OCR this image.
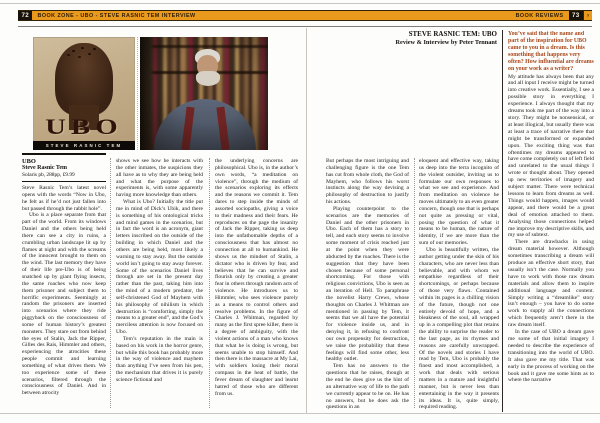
72	BOOK ZONE - UBO - STEVE RASNIC TEM INTERVIEW	BOOK REVIEWS	73	›
UBO
STEVE RASNIC TEM
UBO
Steve Rasnic Tem
Solaris pb, 288pp, £9.99

Steve Rasnic Tem’s latest novel opens with the words “Now in Ubo, he felt as if he’d not just fallen into but passed through the rabbit hole”.

Ubo is a place separate from that part of the world. From its windows Daniel and the others being held there can see a city in ruins, a crumbling urban landscape lit up by flames at night and with the screams of the innocent brought to them on the wind. The last memory they have of their life pre-Ubo is of being snatched up by giant flying insects, the same roaches who now keep them prisoner and subject them to horrific experiments. Seemingly at random the prisoners are inserted into scenarios where they ride piggyback on the consciousness of some of human history’s greatest monsters. They stare out from behind the eyes of Stalin, Jack the Ripper, Gilles des Rais, Himmler and others, experiencing the atrocities these people commit and learning something of what drives them. We too experience some of these scenarios, filtered through the consciousness of Daniel. And in between atrocity

shows we see how he interacts with the other inmates, the suspicions they all have as to why they are being held and what the purpose of the experiments is, with some apparently having more knowledge than others.

What is Ubo? Initially the title put me in mind of Dick’s Ubik, and there is something of his ontological tricks and mind games in the scenarios, but in fact the word is an acronym, giant letters inscribed on the outside of the building in which Daniel and the others are being held, most likely a warning to stay away. But the outside world isn’t going to stay away forever. Some of the scenarios Daniel lives through are set in the present day rather than the past, taking him into the mind of a modern predator, the self-christened God of Mayhem with his philosophy of nihilism in which destruction is “comforting, simply the means to a greater end”, and the God’s merciless attention is now focused on Ubo.

Tem’s reputation in the main is based on his work in the horror genre, but while this book has probably more in the way of violence and mayhem than anything I’ve seen from his pen, the mechanism that drives it is purely science fictional and

the underlying concerns are philosophical. Ubo is, in the author’s own words, “a meditation on violence”, through the medium of the scenarios exploring its effects and the reasons we commit it. Tem dares to step inside the minds of assorted sociopaths, giving a voice to their madness and their fears. He reproduces on the page the insanity of Jack the Ripper, taking us deep into the unfathomable depths of a consciousness that has almost no connection at all to humankind. He shows us the mindset of Stalin, a dictator who is driven by fear, and believes that he can survive and flourish only by creating a greater fear in others through random acts of violence. He introduces us to Himmler, who sees violence purely as a means to control others and resolve problems. In the figure of Charles J. Whitman, regarded by many as the first spree killer, there is a degree of ambiguity, with the violent actions of a man who knows that what he is doing is wrong, but seems unable to stop himself. And then there is the massacre at My Lai, with soldiers losing their moral compass in the heat of battle, the fever dream of slaughter and learnt hatred of those who are different from us.

STEVE RASNIC TEM: UBO
Review & Interview by Peter Tennant

But perhaps the most intriguing and challenging figure is the one Tem has cut from whole cloth, the God of Mayhem, who follows his worst instincts along the way devising a philosophy of destruction to justify his actions.

Playing counterpoint to the scenarios are the memories of Daniel and the other prisoners in Ubo. Each of them has a story to tell, and each story seems to involve some moment of crisis reached just at the point when they were abducted by the roaches. There is the suggestion that they have been chosen because of some personal shortcoming. For those with religious convictions, Ubo is seen as an iteration of Hell. To paraphrase the novelist Harry Crews, whose thoughts on Charles J. Whitman are mentioned in passing by Tem, it seems that we all have the potential for violence inside us, and in denying it, in refusing to confront our own propensity for destruction, we raise the probability that these feelings will find some other, less healthy outlet.

Tem has no answers to the questions that he raises, though at the end he does give us the hint of an alternative way of life to the path we currently appear to be on. He has no answers, but he does ask the questions in an

eloquent and effective way, taking us deep into the terra incognito of the violent outsider, inviting us to formulate our own responses to what we see and experience. And from meditation on violence he moves ultimately to an even greater concern, though one that is perhaps not quite as pressing or vital, posing the question of what it means to be human, the nature of identity, if we are more than the sum of our memories.

Ubo is beautifully written, the author getting under the skin of his characters, who are never less than believable, and with whom we empathise regardless of their shortcomings, or perhaps because of those very flaws. Contained within its pages is a chilling vision of the future, though not one entirely devoid of hope, and a bleakness of the soul, all wrapped up in a compelling plot that retains the ability to surprise the reader to the last page, as its rhymes and reasons are carefully unwrapped. Of the novels and stories I have read by Tem, Ubo is probably the finest and most accomplished, a work that deals with serious matters in a mature and insightful manner, but is never less than entertaining in the way it presents its ideas. It is, quite simply, required reading.

You’ve said that the name and part of the inspiration for UBO came to you in a dream. Is this something that happens very often? How influential are dreams on your work as a writer?

My attitude has always been that any and all input I receive might be turned into creative work. Essentially, I see a possible story in everything I experience. I always thought that my dreams took me part of the way into a story. They might be nonsensical, or at least illogical, but usually there was at least a trace of narrative there that might be transformed or expanded upon. The exciting thing was that oftentimes my dreams appeared to have come completely out of left field and unrelated to the usual things I wrote or thought about. They opened up new territories of imagery and subject matter. There were technical lessons to learn from dreams as well. Things would happen, images would appear, and there would be a great deal of emotion attached to them. Analysing those connections helped me improve my descriptive skills, and my use of subtext.

There are drawbacks in using dream material however. Although sometimes transcribing a dream will produce an effective short story, that usually isn’t the case. Normally you have to work with those raw dream materials and allow them to inspire additional language and content. Simply writing a “dreamlike” story isn’t enough – you have to do some work to supply all the connections which frequently aren’t there in the raw dream itself.

In the case of UBO a dream gave me some of that initial imagery I needed to describe the experience of transitioning into the world of UBO. It also gave me my title. That was early in the process of working on the book and it gave me some hints as to where the narrative
